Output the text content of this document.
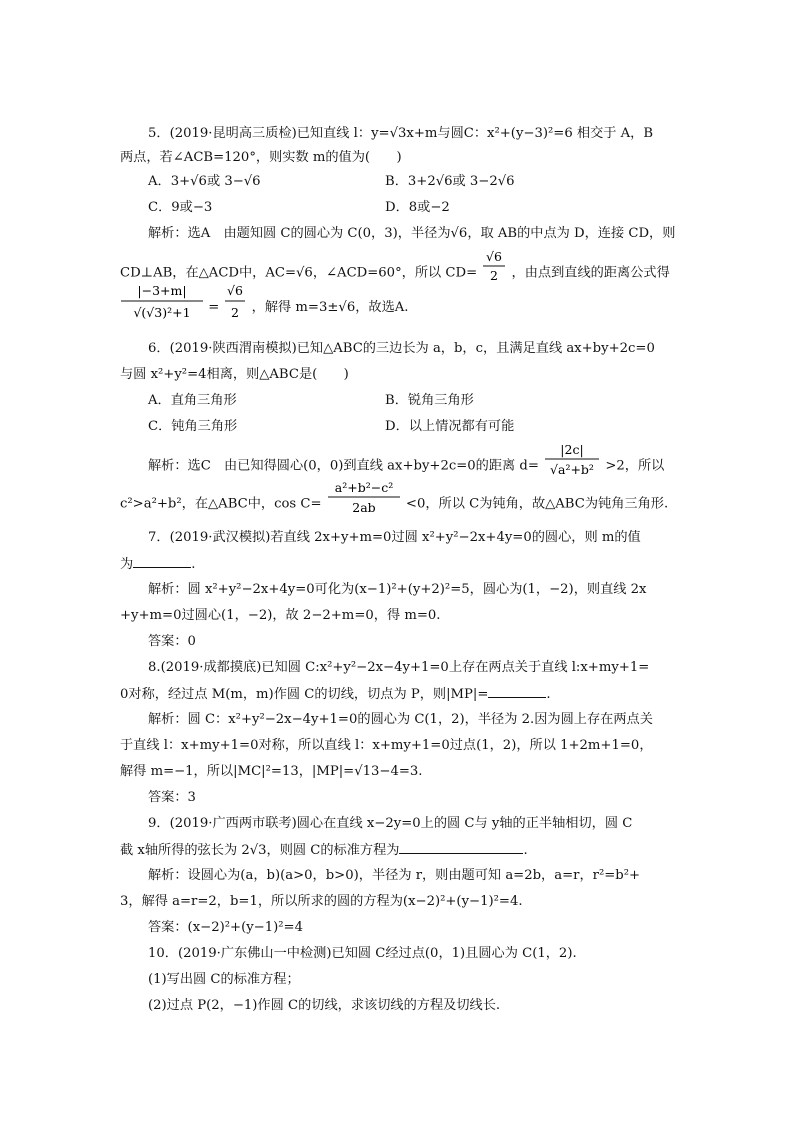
5．(2019·昆明高三质检)已知直线 l：y=√3x+m与圆C：x²+(y−3)²=6 相交于 A，B
两点，若∠ACB=120°，则实数 m的值为(　　)
A．3+√6或 3−√6	B．3+2√6或 3−2√6
C．9或−3	D．8或−2
解析：选A　由题知圆 C的圆心为 C(0，3)，半径为√6，取 AB的中点为 D，连接 CD，则
CD⊥AB，在△ACD中，AC=√6，∠ACD=60°，所以 CD=
√6
2 ，由点到直线的距离公式得
|−3+m|
√(√3)²+1 =
√6
2 ，解得 m=3±√6，故选A.
6．(2019·陕西渭南模拟)已知△ABC的三边长为 a，b，c，且满足直线 ax+by+2c=0
与圆 x²+y²=4相离，则△ABC是(　　)
A．直角三角形	B．锐角三角形
C．钝角三角形	D．以上情况都有可能
解析：选C　由已知得圆心(0，0)到直线 ax+by+2c=0的距离 d=
|2c|
√a²+b² >2，所以
c²>a²+b²，在△ABC中，cos C=
a²+b²−c²
2ab <0，所以 C为钝角，故△ABC为钝角三角形.
7．(2019·武汉模拟)若直线 2x+y+m=0过圆 x²+y²−2x+4y=0的圆心，则 m的值
为	.
解析：圆 x²+y²−2x+4y=0可化为(x−1)²+(y+2)²=5，圆心为(1，−2)，则直线 2x
+y+m=0过圆心(1，−2)，故 2−2+m=0，得 m=0.
答案：0
8.(2019·成都摸底)已知圆 C:x²+y²−2x−4y+1=0上存在两点关于直线 l:x+my+1=
0对称，经过点 M(m，m)作圆 C的切线，切点为 P，则|MP|=	.
解析：圆 C：x²+y²−2x−4y+1=0的圆心为 C(1，2)，半径为 2.因为圆上存在两点关
于直线 l：x+my+1=0对称，所以直线 l：x+my+1=0过点(1，2)，所以 1+2m+1=0，
解得 m=−1，所以|MC|²=13，|MP|=√13−4=3.
答案：3
9．(2019·广西两市联考)圆心在直线 x−2y=0上的圆 C与 y轴的正半轴相切，圆 C
截 x轴所得的弦长为 2√3，则圆 C的标准方程为	.
解析：设圆心为(a，b)(a>0，b>0)，半径为 r，则由题可知 a=2b，a=r，r²=b²+
3，解得 a=r=2，b=1，所以所求的圆的方程为(x−2)²+(y−1)²=4.
答案：(x−2)²+(y−1)²=4
10．(2019·广东佛山一中检测)已知圆 C经过点(0，1)且圆心为 C(1，2).
(1)写出圆 C的标准方程；
(2)过点 P(2，−1)作圆 C的切线，求该切线的方程及切线长.
